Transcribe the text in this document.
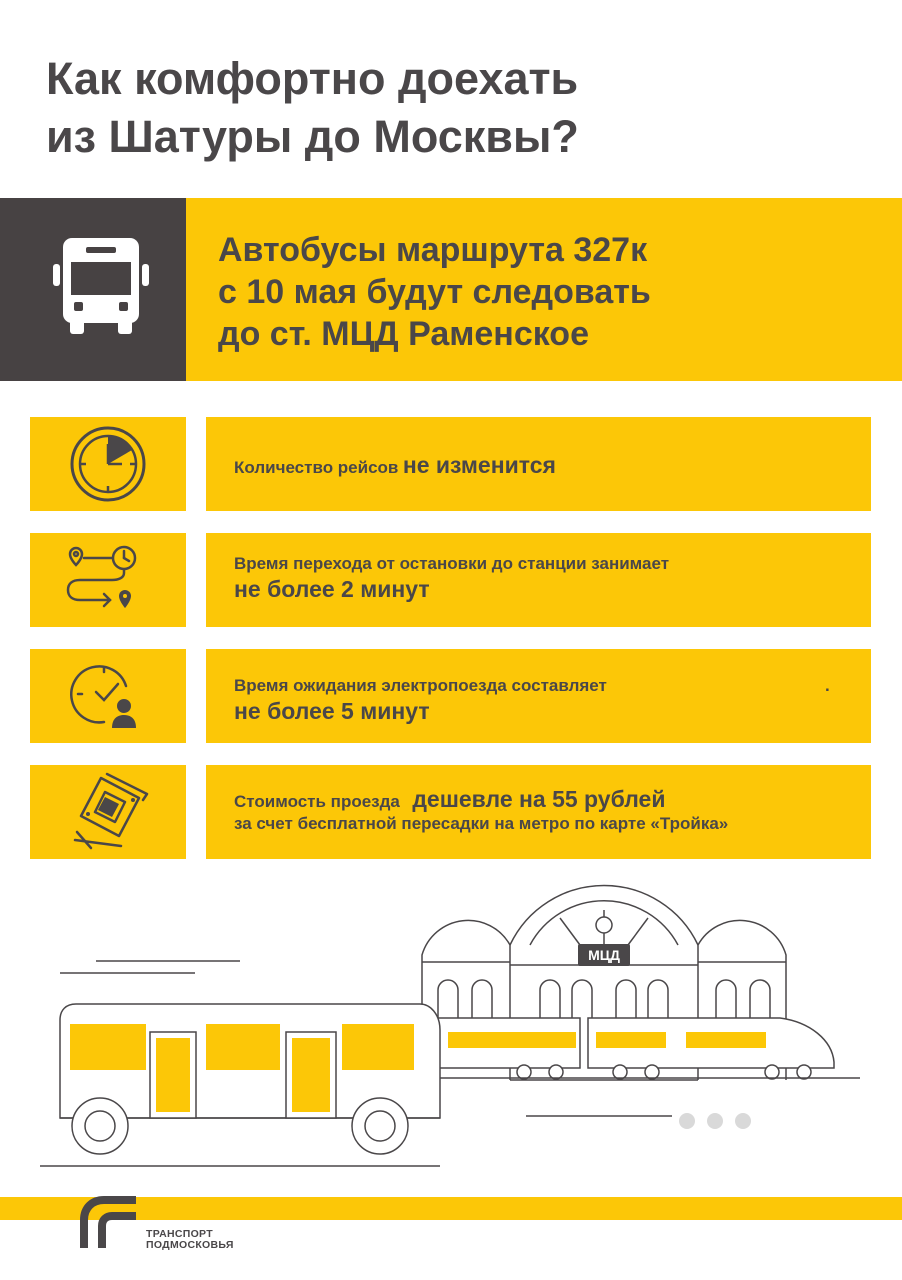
Как комфортно доехать
из Шатуры до Москвы?
Автобусы маршрута 327к
с 10 мая будут следовать
до ст. МЦД Раменское
Количество рейсов не изменится
Время перехода от остановки до станции занимает
не более 2 минут
Время ожидания электропоезда составляет
не более 5 минут
.
Стоимость проезда дешевле на 55 рублей
за счет бесплатной пересадки на метро по карте «Тройка»
МЦД
ТРАНСПОРТ
ПОДМОСКОВЬЯ
